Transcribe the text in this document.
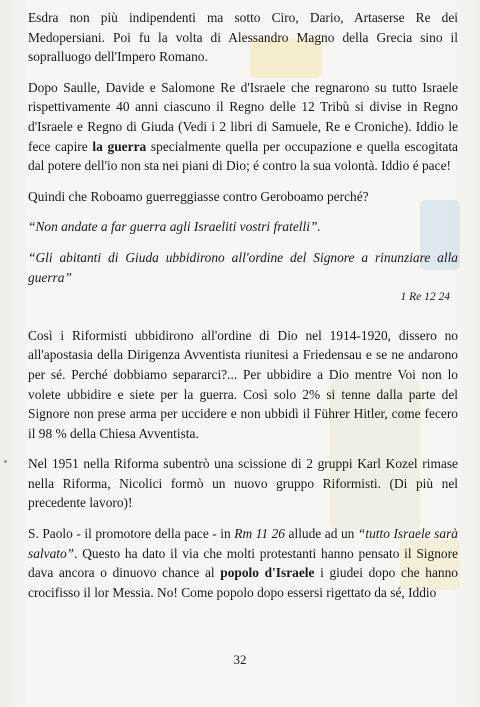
Esdra non più indipendenti ma sotto Ciro, Dario, Artaserse Re dei Medopersiani. Poi fu la volta di Alessandro Magno della Grecia sino il sopralluogo dell'Impero Romano.

Dopo Saulle, Davide e Salomone Re d'Israele che regnarono su tutto Israele rispettivamente 40 anni ciascuno il Regno delle 12 Tribù si divise in Regno d'Israele e Regno di Giuda (Vedi i 2 libri di Samuele, Re e Croniche). Iddio le fece capire la guerra specialmente quella per occupazione e quella escogitata dal potere dell'io non sta nei piani di Dio; é contro la sua volontà. Iddio é pace!

Quindi che Roboamo guerreggiasse contro Geroboamo perché?

“Non andate a far guerra agli Israeliti vostri fratelli”.

“Gli abitanti di Giuda ubbidirono all'ordine del Signore a rinunziare alla guerra”

1 Re 12 24

Così i Riformisti ubbidirono all'ordine di Dio nel 1914-1920, dissero no all'apostasia della Dirigenza Avventista riunitesi a Friedensau e se ne andarono per sé. Perché dobbiamo separarci?... Per ubbidire a Dio mentre Voi non lo volete ubbidire e siete per la guerra. Così solo 2% si tenne dalla parte del Signore non prese arma per uccidere e non ubbidì il Führer Hitler, come fecero il 98 % della Chiesa Avventista.

Nel 1951 nella Riforma subentrò una scissione di 2 gruppi Karl Kozel rimase nella Riforma, Nicolici formò un nuovo gruppo Riformisti. (Di più nel precedente lavoro)!

S. Paolo - il promotore della pace - in Rm 11 26 allude ad un “tutto Israele sarà salvato”. Questo ha dato il via che molti protestanti hanno pensato il Signore dava ancora o dinuovo chance al popolo d'Israele i giudei dopo che hanno crocifisso il lor Messia. No! Come popolo dopo essersi rigettato da sé, Iddio

32
